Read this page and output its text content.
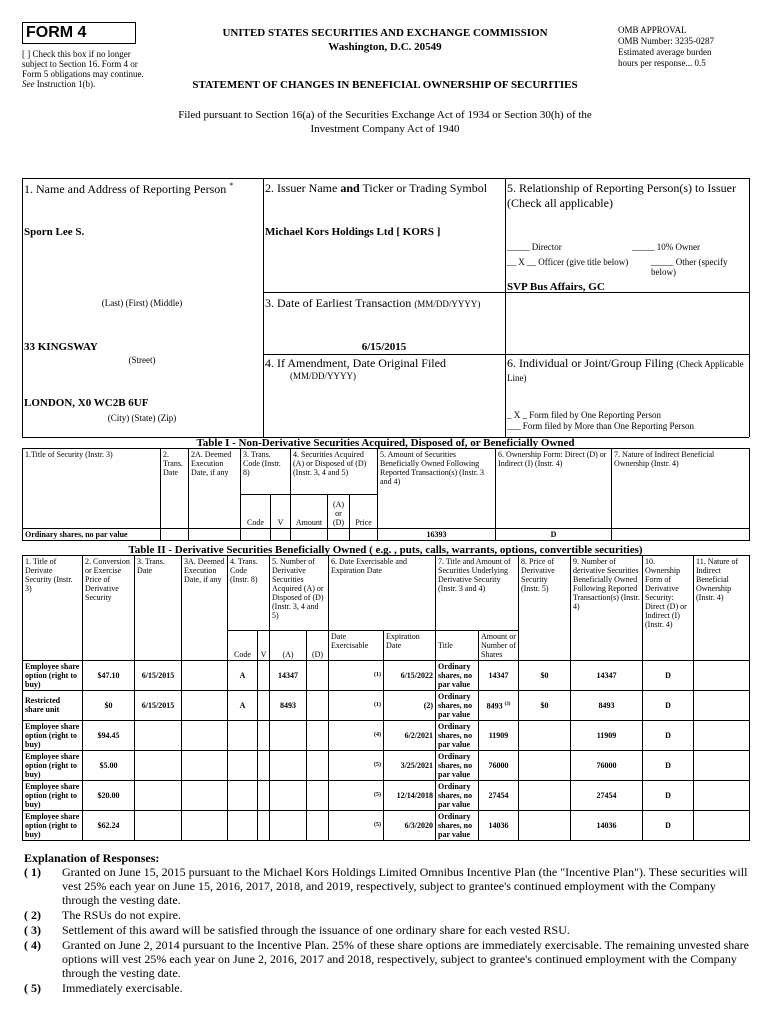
FORM 4
[ ] Check this box if no longer subject to Section 16. Form 4 or Form 5 obligations may continue. See Instruction 1(b).
UNITED STATES SECURITIES AND EXCHANGE COMMISSION
Washington, D.C. 20549
OMB APPROVAL
OMB Number: 3235-0287
Estimated average burden
hours per response... 0.5
STATEMENT OF CHANGES IN BENEFICIAL OWNERSHIP OF SECURITIES
Filed pursuant to Section 16(a) of the Securities Exchange Act of 1934 or Section 30(h) of the
Investment Company Act of 1940
1. Name and Address of Reporting Person *
Sporn Lee S.
(Last) (First) (Middle)
33 KINGSWAY
(Street)
LONDON, X0 WC2B 6UF
(City) (State) (Zip)
2. Issuer Name and Ticker or Trading Symbol
Michael Kors Holdings Ltd [ KORS ]
3. Date of Earliest Transaction (MM/DD/YYYY)
6/15/2015
4. If Amendment, Date Original Filed
(MM/DD/YYYY)
5. Relationship of Reporting Person(s) to Issuer
(Check all applicable)
_____ Director	_____ 10% Owner
__ X __ Officer (give title below)	_____ Other (specify below)
SVP Bus Affairs, GC
6. Individual or Joint/Group Filing (Check Applicable Line)
_ X _ Form filed by One Reporting Person
___ Form filed by More than One Reporting Person
Table I - Non-Derivative Securities Acquired, Disposed of, or Beneficially Owned
1.Title of Security (Instr. 3)	2. Trans. Date	2A. Deemed Execution Date, if any	3. Trans. Code (Instr. 8)		4. Securities Acquired (A) or Disposed of (D) (Instr. 3, 4 and 5)			5. Amount of Securities Beneficially Owned Following Reported Transaction(s) (Instr. 3 and 4)	6. Ownership Form: Direct (D) or Indirect (I) (Instr. 4)	7. Nature of Indirect Beneficial Ownership (Instr. 4)
			Code	V	Amount	(A) or (D)	Price			
Ordinary shares, no par value								16393	D	
Table II - Derivative Securities Beneficially Owned ( e.g. , puts, calls, warrants, options, convertible securities)
1. Title of Derivate Security (Instr. 3)	2. Conversion or Exercise Price of Derivative Security	3. Trans. Date	3A. Deemed Execution Date, if any	4. Trans. Code (Instr. 8)		5. Number of Derivative Securities Acquired (A) or Disposed of (D) (Instr. 3, 4 and 5)		6. Date Exercisable and Expiration Date		7. Title and Amount of Securities Underlying Derivative Security (Instr. 3 and 4)		8. Price of Derivative Security (Instr. 5)	9. Number of derivative Securities Beneficially Owned Following Reported Transaction(s) (Instr. 4)	10. Ownership Form of Derivative Security: Direct (D) or Indirect (I) (Instr. 4)	11. Nature of Indirect Beneficial Ownership (Instr. 4)
				Code	V	(A)	(D)	Date Exercisable	Expiration Date	Title	Amount or Number of Shares				
Employee share option (right to buy)	$47.10	6/15/2015		A		14347		(1)	6/15/2022	Ordinary shares, no par value	14347	$0	14347	D	
Restricted share unit	$0	6/15/2015		A		8493		(1)	(2)	Ordinary shares, no par value	8493 $^{(3)}$	$0	8493	D	
Employee share option (right to buy)	$94.45							(4)	6/2/2021	Ordinary shares, no par value	11909		11909	D	
Employee share option (right to buy)	$5.00							(5)	3/25/2021	Ordinary shares, no par value	76000		76000	D	
Employee share option (right to buy)	$20.00							(5)	12/14/2018	Ordinary shares, no par value	27454		27454	D	
Employee share option (right to buy)	$62.24							(5)	6/3/2020	Ordinary shares, no par value	14036		14036	D	
Explanation of Responses:
( 1)	Granted on June 15, 2015 pursuant to the Michael Kors Holdings Limited Omnibus Incentive Plan (the "Incentive Plan"). These securities will vest 25% each year on June 15, 2016, 2017, 2018, and 2019, respectively, subject to grantee's continued employment with the Company through the vesting date.
( 2)	The RSUs do not expire.
( 3)	Settlement of this award will be satisfied through the issuance of one ordinary share for each vested RSU.
( 4)	Granted on June 2, 2014 pursuant to the Incentive Plan. 25% of these share options are immediately exercisable. The remaining unvested share options will vest 25% each year on June 2, 2016, 2017 and 2018, respectively, subject to grantee's continued employment with the Company through the vesting date.
( 5)	Immediately exercisable.
